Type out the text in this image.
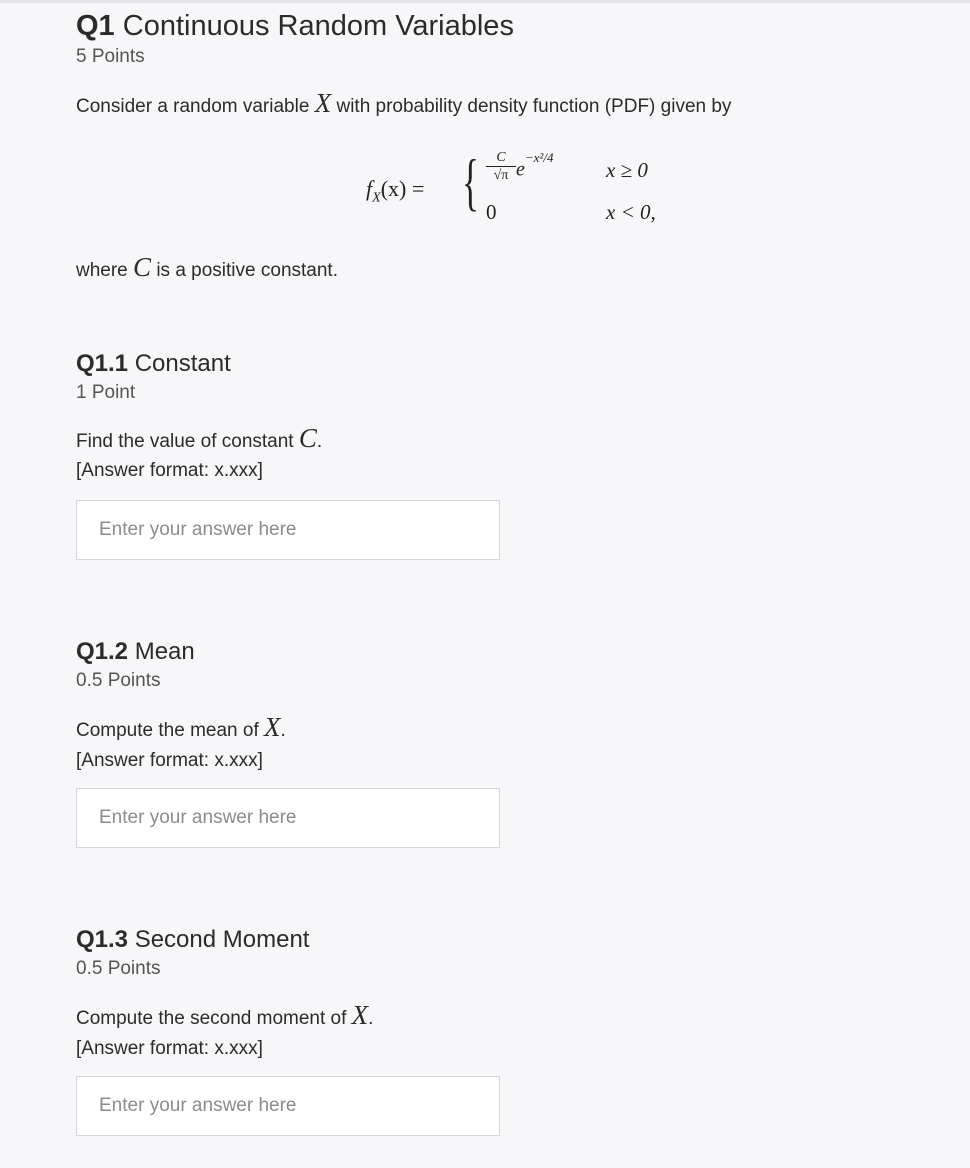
Q1 Continuous Random Variables
5 Points
Consider a random variable X with probability density function (PDF) given by
$f_X(x)$ = {	C
√π $e^{-x^2/4}$
0
x ≥ 0
x < 0,
where C is a positive constant.
Q1.1 Constant
1 Point
Find the value of constant C.
[Answer format: x.xxx]
Enter your answer here
Q1.2 Mean
0.5 Points
Compute the mean of X.
[Answer format: x.xxx]
Enter your answer here
Q1.3 Second Moment
0.5 Points
Compute the second moment of X.
[Answer format: x.xxx]
Enter your answer here
